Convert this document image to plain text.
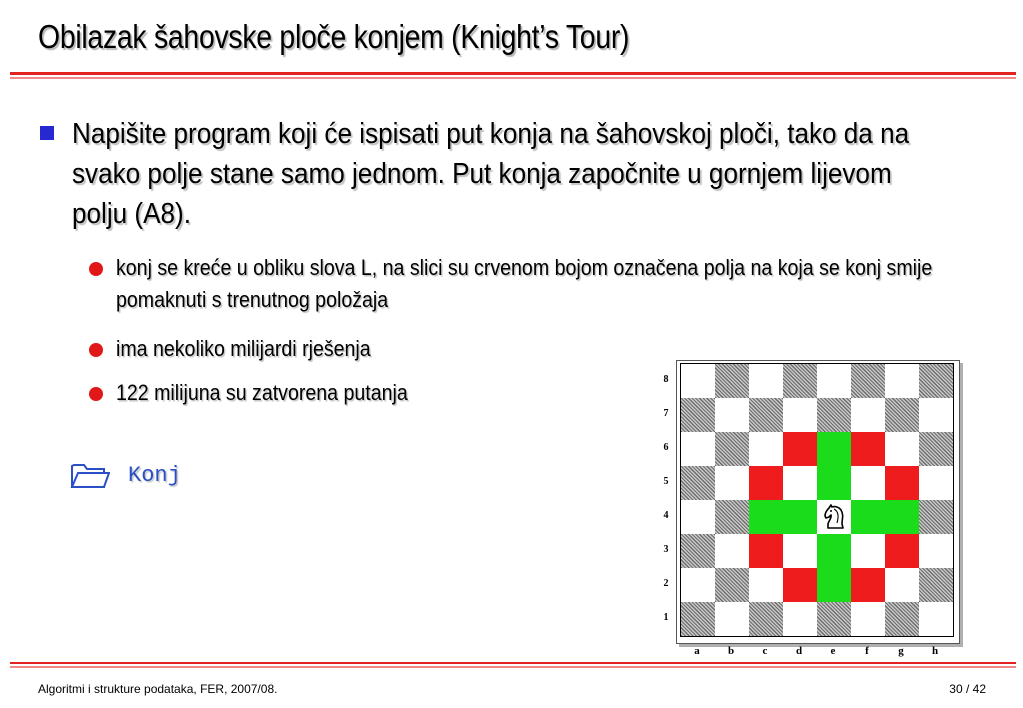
Obilazak šahovske ploče konjem (Knight’s Tour)
Napišite program koji će ispisati put konja na šahovskoj ploči, tako da na svako polje stane samo jednom. Put konja započnite u gornjem lijevom polju (A8).
konj se kreće u obliku slova L, na slici su crvenom bojom označena polja na koja se konj smije pomaknuti s trenutnog položaja
ima nekoliko milijardi rješenja
122 milijuna su zatvorena putanja
Konj
8
7
6
5
4
3
2
1
a	b	c	d	e	f	g	h
Algoritmi i strukture podataka, FER, 2007/08.	30 / 42
